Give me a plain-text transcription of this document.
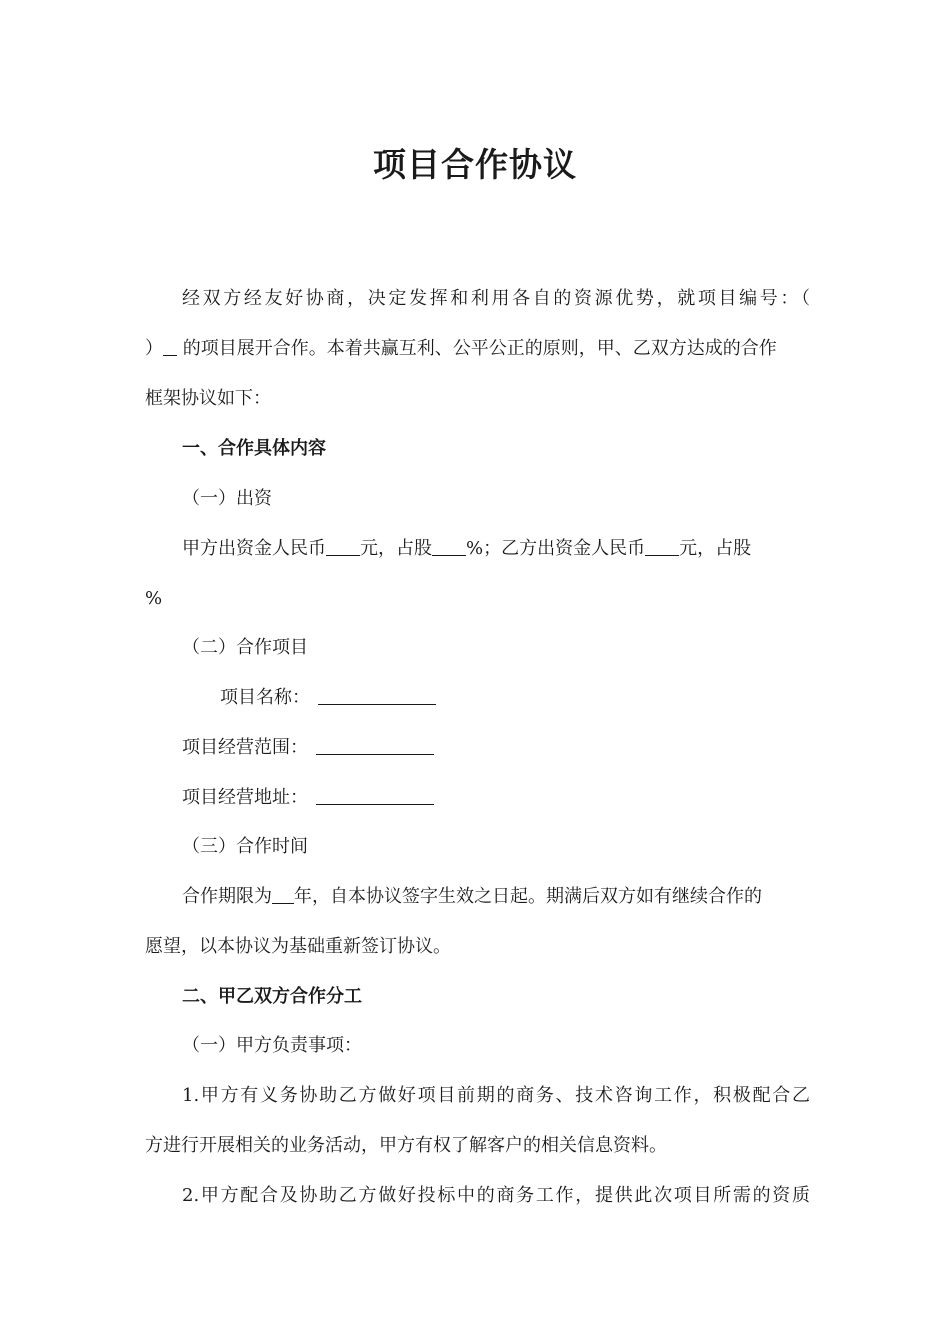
项目合作协议
经双方经友好协商，决定发挥和利用各自的资源优势，就项目编号：（
） 的项目展开合作。本着共赢互利、公平公正的原则，甲、乙双方达成的合作
框架协议如下：
一、合作具体内容
（一）出资
甲方出资金人民币 元，占股 %；乙方出资金人民币 元，占股
%
（二）合作项目
项目名称：
项目经营范围：
项目经营地址：
（三）合作时间
合作期限为 年，自本协议签字生效之日起。期满后双方如有继续合作的
愿望，以本协议为基础重新签订协议。
二、甲乙双方合作分工
（一）甲方负责事项：
1.甲方有义务协助乙方做好项目前期的商务、技术咨询工作，积极配合乙
方进行开展相关的业务活动，甲方有权了解客户的相关信息资料。
2.甲方配合及协助乙方做好投标中的商务工作，提供此次项目所需的资质
